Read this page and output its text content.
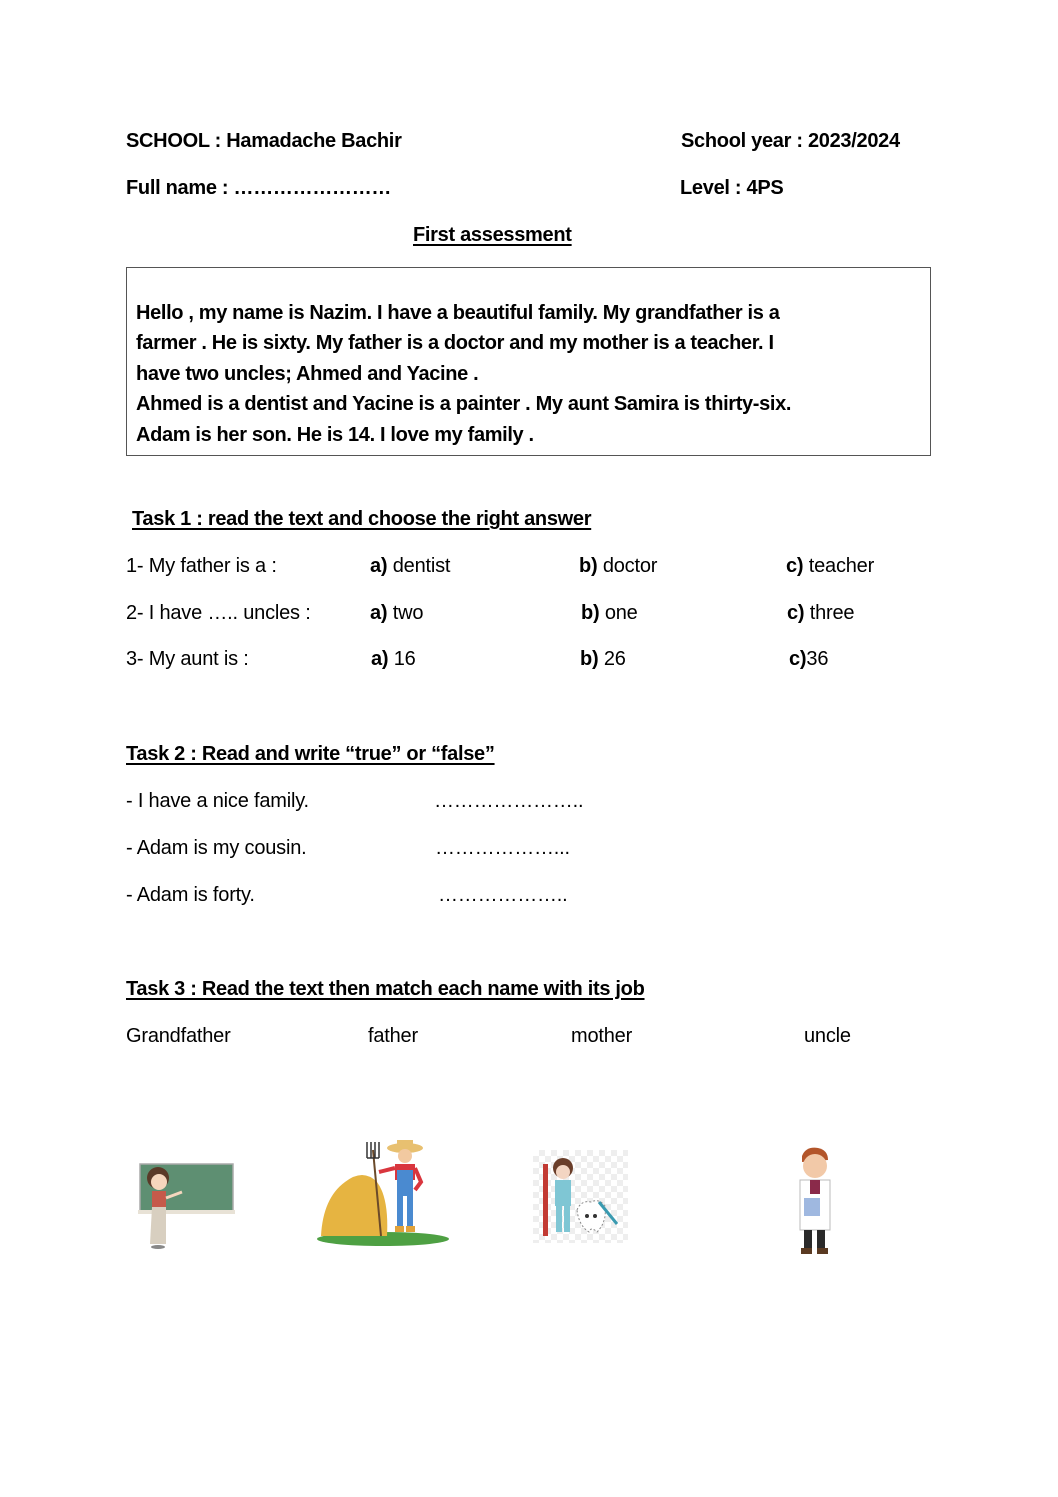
SCHOOL : Hamadache Bachir	School year : 2023/2024
Full name : ……………………	Level : 4PS
First assessment

Hello , my name is Nazim. I have a beautiful family. My grandfather is a

farmer . He is sixty. My father is a doctor and my mother is a teacher. I

have two uncles; Ahmed and Yacine .

Ahmed is a dentist and Yacine is a painter . My aunt Samira is thirty-six.

Adam is her son. He is 14. I love my family .

Task 1 : read the text and choose the right answer
1- My father is a :	a) dentist	b) doctor	c) teacher
2- I have ….. uncles :	a) two	b) one	c) three
3- My aunt is :	a) 16	b) 26	c)36
Task 2 : Read and write “true” or “false”
- I have a nice family.	…………………..
- Adam is my cousin.	………………...
- Adam is forty.	………………..
Task 3 : Read the text then match each name with its job
Grandfather	father	mother	uncle
